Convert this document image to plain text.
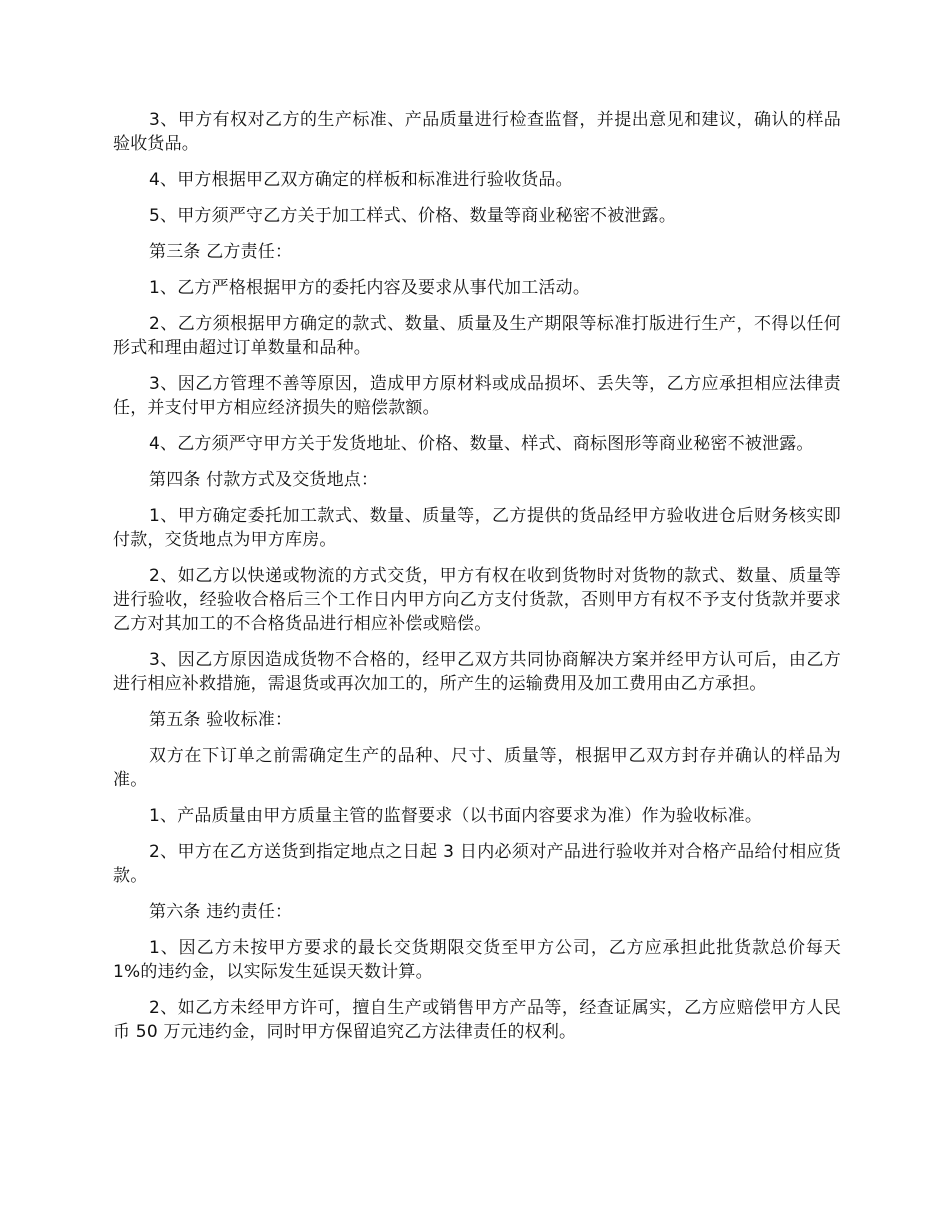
3、甲方有权对乙方的生产标准、产品质量进行检查监督，并提出意见和建议，确认的样品验收货品。

4、甲方根据甲乙双方确定的样板和标准进行验收货品。

5、甲方须严守乙方关于加工样式、价格、数量等商业秘密不被泄露。

第三条 乙方责任：

1、乙方严格根据甲方的委托内容及要求从事代加工活动。

2、乙方须根据甲方确定的款式、数量、质量及生产期限等标准打版进行生产，不得以任何形式和理由超过订单数量和品种。

3、因乙方管理不善等原因，造成甲方原材料或成品损坏、丢失等，乙方应承担相应法律责任，并支付甲方相应经济损失的赔偿款额。

4、乙方须严守甲方关于发货地址、价格、数量、样式、商标图形等商业秘密不被泄露。

第四条 付款方式及交货地点：

1、甲方确定委托加工款式、数量、质量等，乙方提供的货品经甲方验收进仓后财务核实即付款，交货地点为甲方库房。

2、如乙方以快递或物流的方式交货，甲方有权在收到货物时对货物的款式、数量、质量等进行验收，经验收合格后三个工作日内甲方向乙方支付货款，否则甲方有权不予支付货款并要求乙方对其加工的不合格货品进行相应补偿或赔偿。

3、因乙方原因造成货物不合格的，经甲乙双方共同协商解决方案并经甲方认可后，由乙方进行相应补救措施，需退货或再次加工的，所产生的运输费用及加工费用由乙方承担。

第五条 验收标准：

双方在下订单之前需确定生产的品种、尺寸、质量等，根据甲乙双方封存并确认的样品为准。

1、产品质量由甲方质量主管的监督要求（以书面内容要求为准）作为验收标准。

2、甲方在乙方送货到指定地点之日起 3 日内必须对产品进行验收并对合格产品给付相应货款。

第六条 违约责任：

1、因乙方未按甲方要求的最长交货期限交货至甲方公司，乙方应承担此批货款总价每天 1%的违约金，以实际发生延误天数计算。

2、如乙方未经甲方许可，擅自生产或销售甲方产品等，经查证属实，乙方应赔偿甲方人民币 50 万元违约金，同时甲方保留追究乙方法律责任的权利。
